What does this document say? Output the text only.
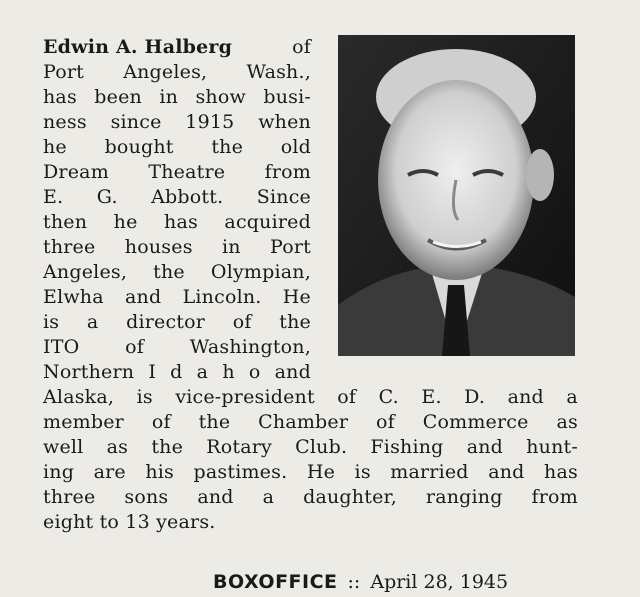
Edwin A. Halberg	of
Port Angeles, Wash.,
has been in show busi-
ness since 1915 when
he bought the old
Dream Theatre from
E. G. Abbott. Since
then he has acquired
three houses in Port
Angeles, the Olympian,
Elwha and Lincoln. He
is a director of the
ITO of Washington,
Northern I d a h o and
Alaska, is vice-president of C. E. D. and a
member of the Chamber of Commerce as
well as the Rotary Club. Fishing and hunt-
ing are his pastimes. He is married and has
three sons and a daughter, ranging from
eight to 13 years.
BOXOFFICE :: April 28, 1945
